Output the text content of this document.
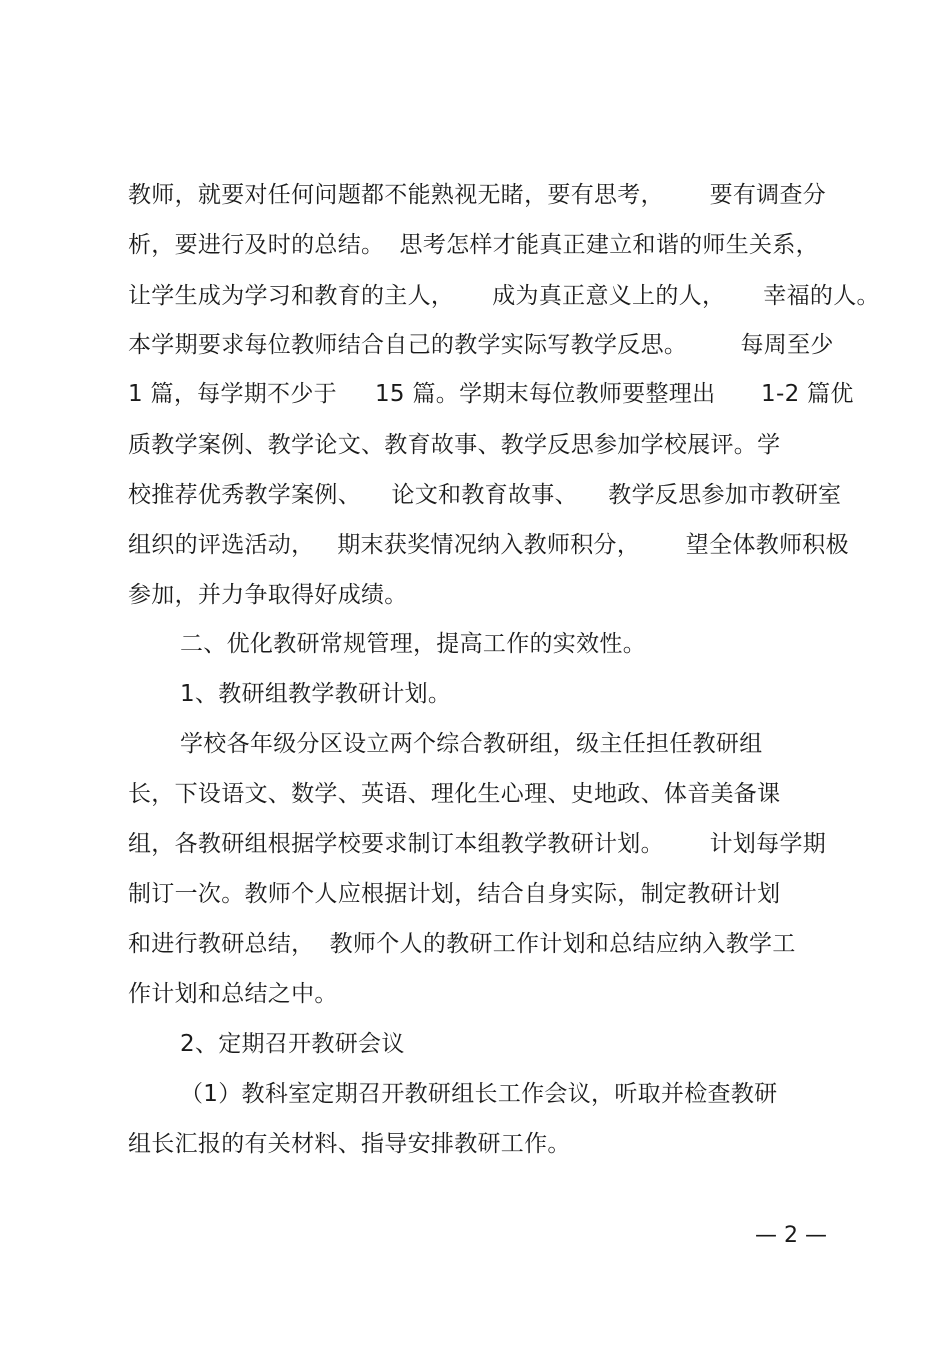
教师，就要对任何问题都不能熟视无睹，要有思考，      要有调查分
析，要进行及时的总结。  思考怎样才能真正建立和谐的师生关系，
让学生成为学习和教育的主人，     成为真正意义上的人，     幸福的人。
本学期要求每位教师结合自己的教学实际写教学反思。       每周至少
1 篇，每学期不少于     15 篇。学期末每位教师要整理出      1-2 篇优
质教学案例、教学论文、教育故事、教学反思参加学校展评。学
校推荐优秀教学案例、    论文和教育故事、    教学反思参加市教研室
组织的评选活动，   期末获奖情况纳入教师积分，      望全体教师积极
参加，并力争取得好成绩。
二、优化教研常规管理，提高工作的实效性。
1、教研组教学教研计划。
学校各年级分区设立两个综合教研组，级主任担任教研组
长，下设语文、数学、英语、理化生心理、史地政、体音美备课
组，各教研组根据学校要求制订本组教学教研计划。      计划每学期
制订一次。教师个人应根据计划，结合自身实际，制定教研计划
和进行教研总结，  教师个人的教研工作计划和总结应纳入教学工
作计划和总结之中。
2、定期召开教研会议
（1）教科室定期召开教研组长工作会议，听取并检查教研
组长汇报的有关材料、指导安排教研工作。
— 2 —
